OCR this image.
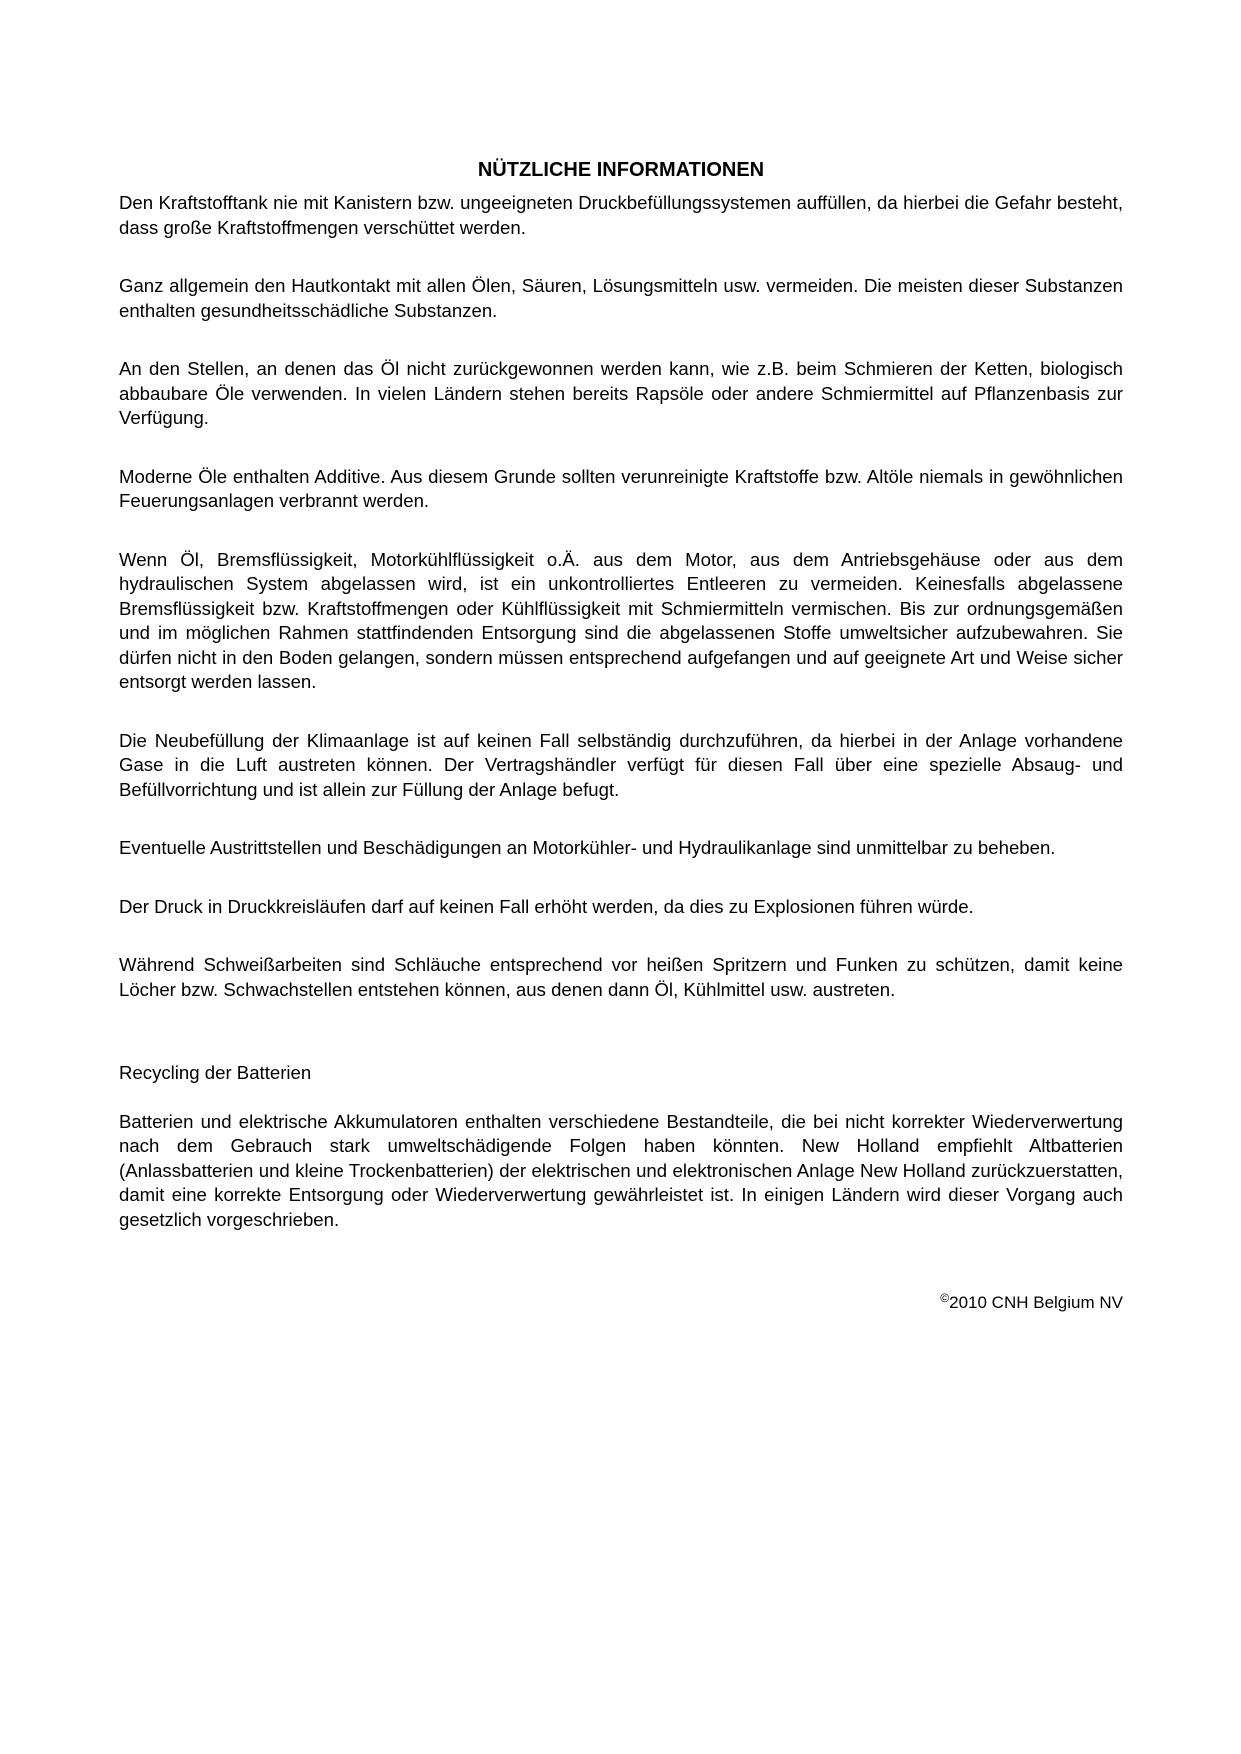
NÜTZLICHE INFORMATIONEN

Den Kraftstofftank nie mit Kanistern bzw. ungeeigneten Druckbefüllungssystemen auffüllen, da hierbei die Gefahr besteht, dass große Kraftstoffmengen verschüttet werden.

Ganz allgemein den Hautkontakt mit allen Ölen, Säuren, Lösungsmitteln usw. vermeiden. Die meisten dieser Substanzen enthalten gesundheitsschädliche Substanzen.

An den Stellen, an denen das Öl nicht zurückgewonnen werden kann, wie z.B. beim Schmieren der Ketten, biologisch abbaubare Öle verwenden. In vielen Ländern stehen bereits Rapsöle oder andere Schmiermittel auf Pflanzenbasis zur Verfügung.

Moderne Öle enthalten Additive. Aus diesem Grunde sollten verunreinigte Kraftstoffe bzw. Altöle niemals in gewöhnlichen Feuerungsanlagen verbrannt werden.

Wenn Öl, Bremsflüssigkeit, Motorkühlflüssigkeit o.Ä. aus dem Motor, aus dem Antriebsgehäuse oder aus dem hydraulischen System abgelassen wird, ist ein unkontrolliertes Entleeren zu vermeiden. Keinesfalls abgelassene Bremsflüssigkeit bzw. Kraftstoffmengen oder Kühlflüssigkeit mit Schmiermitteln vermischen. Bis zur ordnungsgemäßen und im möglichen Rahmen stattfindenden Entsorgung sind die abgelassenen Stoffe umweltsicher aufzubewahren. Sie dürfen nicht in den Boden gelangen, sondern müssen entsprechend aufgefangen und auf geeignete Art und Weise sicher entsorgt werden lassen.

Die Neubefüllung der Klimaanlage ist auf keinen Fall selbständig durchzuführen, da hierbei in der Anlage vorhandene Gase in die Luft austreten können. Der Vertragshändler verfügt für diesen Fall über eine spezielle Absaug- und Befüllvorrichtung und ist allein zur Füllung der Anlage befugt.

Eventuelle Austrittstellen und Beschädigungen an Motorkühler- und Hydraulikanlage sind unmittelbar zu beheben.

Der Druck in Druckkreisläufen darf auf keinen Fall erhöht werden, da dies zu Explosionen führen würde.

Während Schweißarbeiten sind Schläuche entsprechend vor heißen Spritzern und Funken zu schützen, damit keine Löcher bzw. Schwachstellen entstehen können, aus denen dann Öl, Kühlmittel usw. austreten.

Recycling der Batterien

Batterien und elektrische Akkumulatoren enthalten verschiedene Bestandteile, die bei nicht korrekter Wiederverwertung nach dem Gebrauch stark umweltschädigende Folgen haben könnten. New Holland empfiehlt Altbatterien (Anlassbatterien und kleine Trockenbatterien) der elektrischen und elektronischen Anlage New Holland zurückzuerstatten, damit eine korrekte Entsorgung oder Wiederverwertung gewährleistet ist. In einigen Ländern wird dieser Vorgang auch gesetzlich vorgeschrieben.

©2010 CNH Belgium NV
